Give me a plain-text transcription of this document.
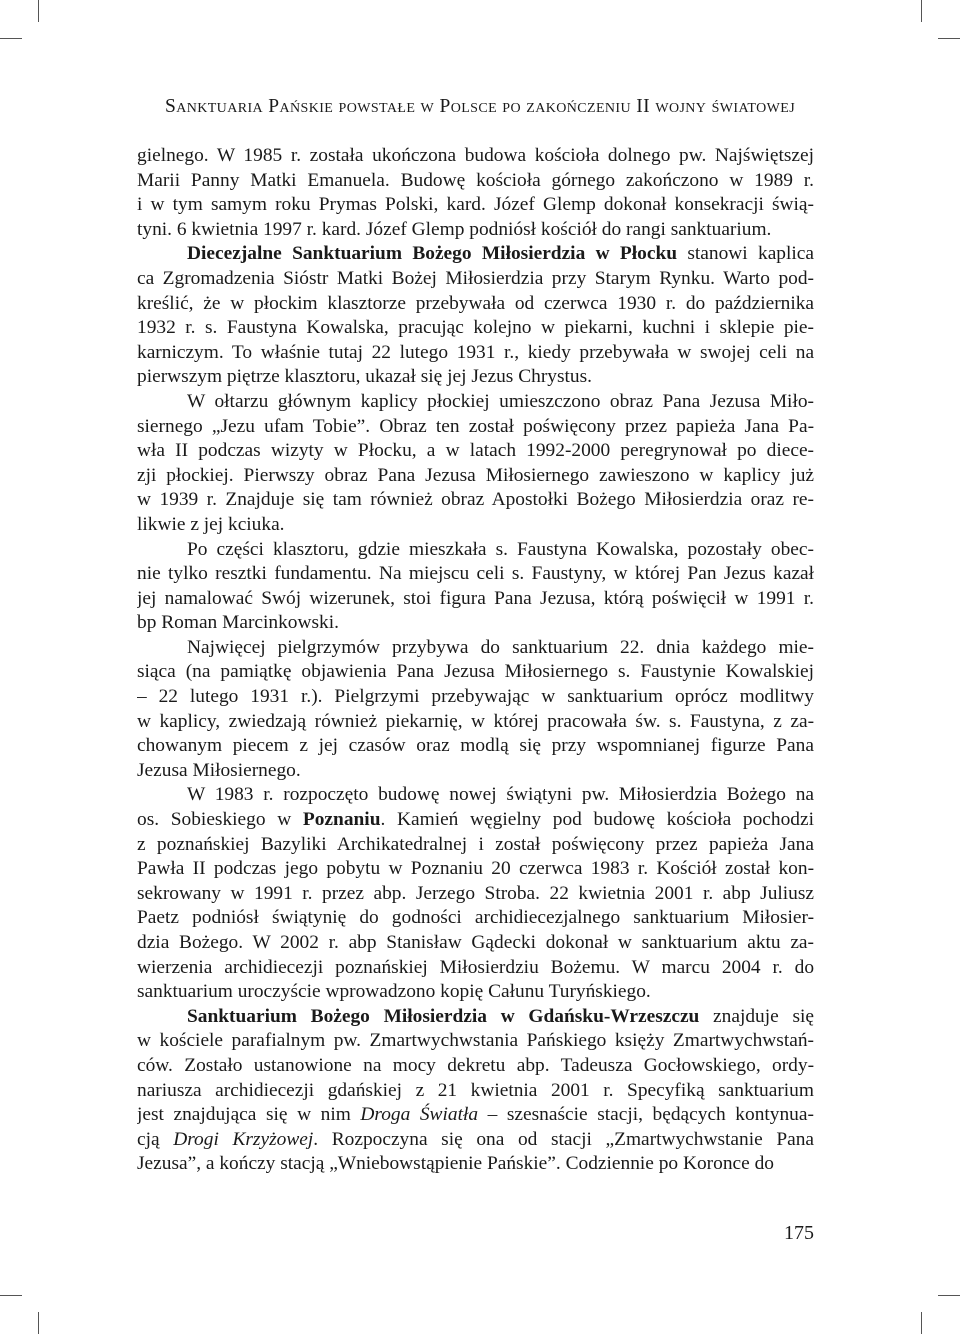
Sanktuaria Pańskie powstałe w Polsce po zakończeniu II wojny światowej
gielnego. W 1985 r. została ukończona budowa kościoła dolnego pw. Najświętszej
Marii Panny Matki Emanuela. Budowę kościoła górnego zakończono w 1989 r.
i w tym samym roku Prymas Polski, kard. Józef Glemp dokonał konsekracji świą-
tyni. 6 kwietnia 1997 r. kard. Józef Glemp podniósł kościół do rangi sanktuarium.
Diecezjalne Sanktuarium Bożego Miłosierdzia w Płocku stanowi kaplica
ca Zgromadzenia Sióstr Matki Bożej Miłosierdzia przy Starym Rynku. Warto pod-
kreślić, że w płockim klasztorze przebywała od czerwca 1930 r. do października
1932 r. s. Faustyna Kowalska, pracując kolejno w piekarni, kuchni i sklepie pie-
karniczym. To właśnie tutaj 22 lutego 1931 r., kiedy przebywała w swojej celi na
pierwszym piętrze klasztoru, ukazał się jej Jezus Chrystus.
W ołtarzu głównym kaplicy płockiej umieszczono obraz Pana Jezusa Miło-
siernego „Jezu ufam Tobie”. Obraz ten został poświęcony przez papieża Jana Pa-
wła II podczas wizyty w Płocku, a w latach 1992-2000 peregrynował po diece-
zji płockiej. Pierwszy obraz Pana Jezusa Miłosiernego zawieszono w kaplicy już
w 1939 r. Znajduje się tam również obraz Apostołki Bożego Miłosierdzia oraz re-
likwie z jej kciuka.
Po części klasztoru, gdzie mieszkała s. Faustyna Kowalska, pozostały obec-
nie tylko resztki fundamentu. Na miejscu celi s. Faustyny, w której Pan Jezus kazał
jej namalować Swój wizerunek, stoi figura Pana Jezusa, którą poświęcił w 1991 r.
bp Roman Marcinkowski.
Najwięcej pielgrzymów przybywa do sanktuarium 22. dnia każdego mie-
siąca (na pamiątkę objawienia Pana Jezusa Miłosiernego s. Faustynie Kowalskiej
– 22 lutego 1931 r.). Pielgrzymi przebywając w sanktuarium oprócz modlitwy
w kaplicy, zwiedzają również piekarnię, w której pracowała św. s. Faustyna, z za-
chowanym piecem z jej czasów oraz modlą się przy wspomnianej figurze Pana
Jezusa Miłosiernego.
W 1983 r. rozpoczęto budowę nowej świątyni pw. Miłosierdzia Bożego na
os. Sobieskiego w Poznaniu. Kamień węgielny pod budowę kościoła pochodzi
z poznańskiej Bazyliki Archikatedralnej i został poświęcony przez papieża Jana
Pawła II podczas jego pobytu w Poznaniu 20 czerwca 1983 r. Kościół został kon-
sekrowany w 1991 r. przez abp. Jerzego Stroba. 22 kwietnia 2001 r. abp Juliusz
Paetz podniósł świątynię do godności archidiecezjalnego sanktuarium Miłosier-
dzia Bożego. W 2002 r. abp Stanisław Gądecki dokonał w sanktuarium aktu za-
wierzenia archidiecezji poznańskiej Miłosierdziu Bożemu. W marcu 2004 r. do
sanktuarium uroczyście wprowadzono kopię Całunu Turyńskiego.
Sanktuarium Bożego Miłosierdzia w Gdańsku-Wrzeszczu znajduje się
w kościele parafialnym pw. Zmartwychwstania Pańskiego księży Zmartwychwstań-
ców. Zostało ustanowione na mocy dekretu abp. Tadeusza Gocłowskiego, ordy-
nariusza archidiecezji gdańskiej z 21 kwietnia 2001 r. Specyfiką sanktuarium
jest znajdująca się w nim Droga Światła – szesnaście stacji, będących kontynua-
cją Drogi Krzyżowej. Rozpoczyna się ona od stacji „Zmartwychwstanie Pana
Jezusa”, a kończy stacją „Wniebowstąpienie Pańskie”. Codziennie po Koronce do
175
